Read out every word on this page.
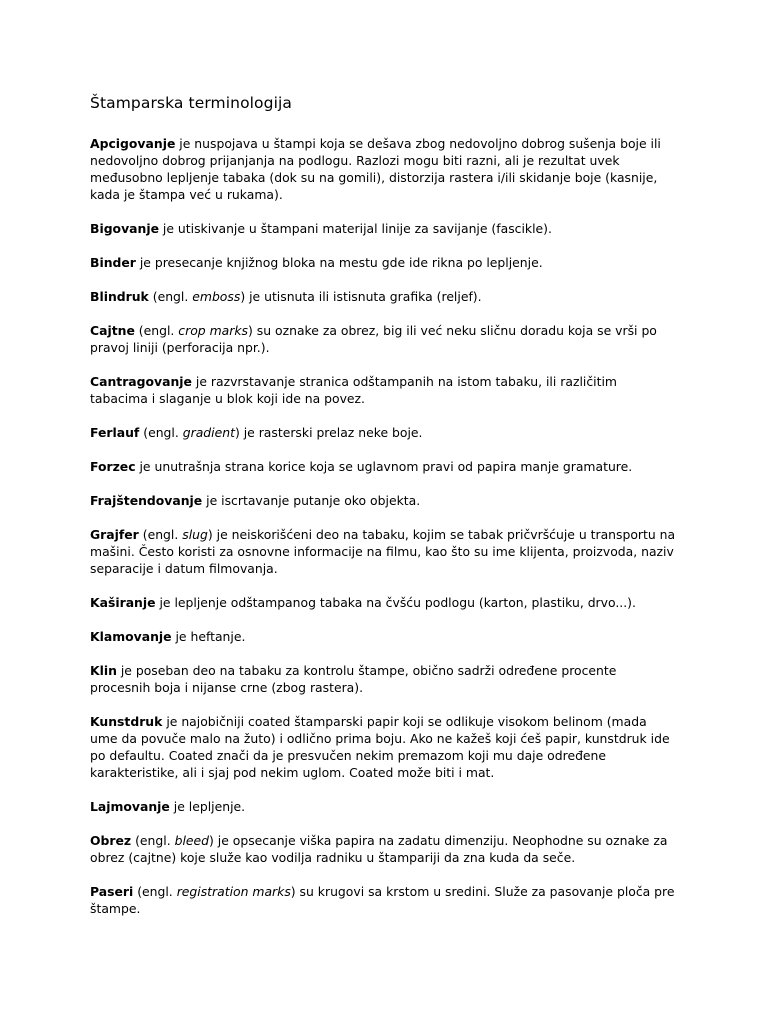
Štamparska terminologija

Apcigovanje je nuspojava u štampi koja se dešava zbog nedovoljno dobrog sušenja boje ili nedovoljno dobrog prijanjanja na podlogu. Razlozi mogu biti razni, ali je rezultat uvek međusobno lepljenje tabaka (dok su na gomili), distorzija rastera i/ili skidanje boje (kasnije, kada je štampa već u rukama).

Bigovanje je utiskivanje u štampani materijal linije za savijanje (fascikle).

Binder je presecanje knjižnog bloka na mestu gde ide rikna po lepljenje.

Blindruk (engl. emboss) je utisnuta ili istisnuta grafika (reljef).

Cajtne (engl. crop marks) su oznake za obrez, big ili već neku sličnu doradu koja se vrši po pravoj liniji (perforacija npr.).

Cantragovanje je razvrstavanje stranica odštampanih na istom tabaku, ili različitim tabacima i slaganje u blok koji ide na povez.

Ferlauf (engl. gradient) je rasterski prelaz neke boje.

Forzec je unutrašnja strana korice koja se uglavnom pravi od papira manje gramature.

Frajštendovanje je iscrtavanje putanje oko objekta.

Grajfer (engl. slug) je neiskorišćeni deo na tabaku, kojim se tabak pričvršćuje u transportu na mašini. Često koristi za osnovne informacije na filmu, kao što su ime klijenta, proizvoda, naziv separacije i datum filmovanja.

Kaširanje je lepljenje odštampanog tabaka na čvšću podlogu (karton, plastiku, drvo...).

Klamovanje je heftanje.

Klin je poseban deo na tabaku za kontrolu štampe, obično sadrži određene procente procesnih boja i nijanse crne (zbog rastera).

Kunstdruk je najobičniji coated štamparski papir koji se odlikuje visokom belinom (mada ume da povuče malo na žuto) i odlično prima boju. Ako ne kažeš koji ćeš papir, kunstdruk ide po defaultu. Coated znači da je presvučen nekim premazom koji mu daje određene karakteristike, ali i sjaj pod nekim uglom. Coated može biti i mat.

Lajmovanje je lepljenje.

Obrez (engl. bleed) je opsecanje viška papira na zadatu dimenziju. Neophodne su oznake za obrez (cajtne) koje služe kao vodilja radniku u štampariji da zna kuda da seče.

Paseri (engl. registration marks) su krugovi sa krstom u sredini. Služe za pasovanje ploča pre štampe.
